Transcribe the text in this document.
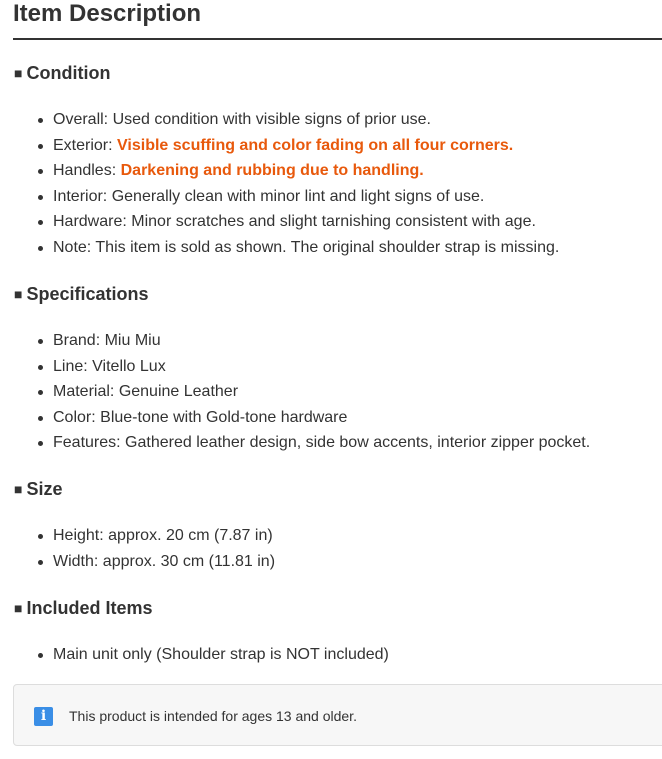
Item Description
■ Condition
Overall: Used condition with visible signs of prior use.
Exterior: Visible scuffing and color fading on all four corners.
Handles: Darkening and rubbing due to handling.
Interior: Generally clean with minor lint and light signs of use.
Hardware: Minor scratches and slight tarnishing consistent with age.
Note: This item is sold as shown. The original shoulder strap is missing.
■ Specifications
Brand: Miu Miu
Line: Vitello Lux
Material: Genuine Leather
Color: Blue-tone with Gold-tone hardware
Features: Gathered leather design, side bow accents, interior zipper pocket.
■ Size
Height: approx. 20 cm (7.87 in)
Width: approx. 30 cm (11.81 in)
■ Included Items
Main unit only (Shoulder strap is NOT included)
i	This product is intended for ages 13 and older.
